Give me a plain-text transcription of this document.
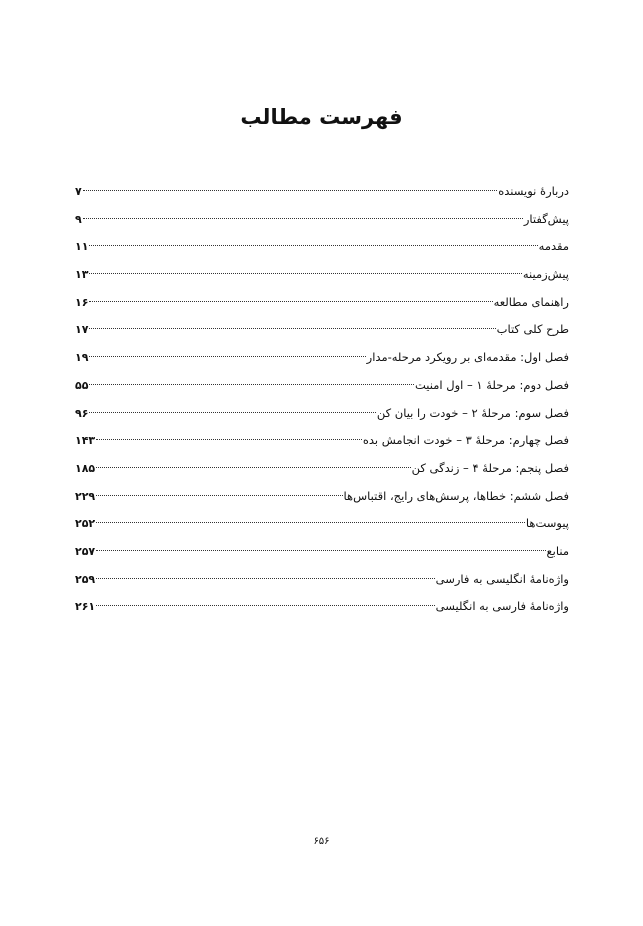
فهرست مطالب
دربارهٔ نویسنده
۷
پیش‌گفتار
۹
مقدمه
۱۱
پیش‌زمینه
۱۳
راهنمای مطالعه
۱۶
طرح کلی کتاب
۱۷
فصل اول: مقدمه‌ای بر رویکرد مرحله-مدار
۱۹
فصل دوم: مرحلهٔ ۱ – اول امنیت
۵۵
فصل سوم: مرحلهٔ ۲ – خودت را بیان کن
۹۶
فصل چهارم: مرحلهٔ ۳ – خودت انجامش بده
۱۴۳
فصل پنجم: مرحلهٔ ۴ – زندگی کن
۱۸۵
فصل ششم: خطاها، پرسش‌های رایج، اقتباس‌ها
۲۲۹
پیوست‌ها
۲۵۲
منابع
۲۵۷
واژه‌نامهٔ انگلیسی به فارسی
۲۵۹
واژه‌نامهٔ فارسی به انگلیسی
۲۶۱

۶۵۶
